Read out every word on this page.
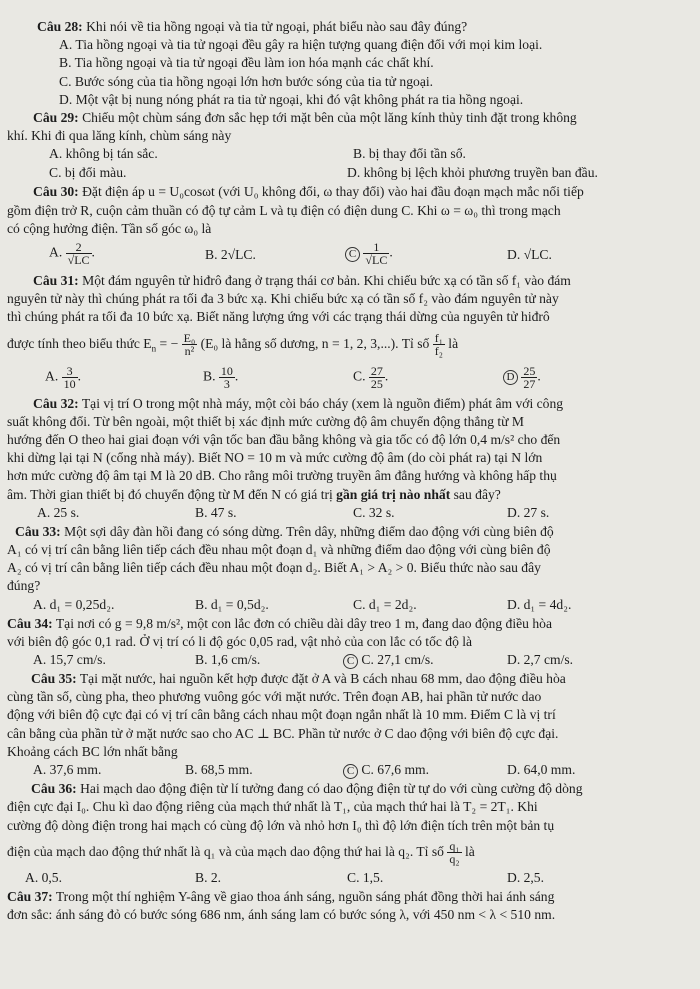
Câu 28: Khi nói về tia hồng ngoại và tia tử ngoại, phát biểu nào sau đây đúng?
A. Tia hồng ngoại và tia tử ngoại đều gây ra hiện tượng quang điện đối với mọi kim loại.
B. Tia hồng ngoại và tia tử ngoại đều làm ion hóa mạnh các chất khí.
C. Bước sóng của tia hồng ngoại lớn hơn bước sóng của tia tử ngoại.
D. Một vật bị nung nóng phát ra tia tử ngoại, khi đó vật không phát ra tia hồng ngoại.
Câu 29: Chiếu một chùm sáng đơn sắc hẹp tới mặt bên của một lăng kính thủy tinh đặt trong không
khí. Khi đi qua lăng kính, chùm sáng này
A. không bị tán sắc.	B. bị thay đổi tần số.
C. bị đổi màu.	D. không bị lệch khỏi phương truyền ban đầu.
Câu 30: Đặt điện áp u = U₀cosωt (với U₀ không đổi, ω thay đổi) vào hai đầu đoạn mạch mắc nối tiếp
gồm điện trở R, cuộn cảm thuần có độ tự cảm L và tụ điện có điện dung C. Khi ω = ω₀ thì trong mạch
có cộng hưởng điện. Tần số góc ω₀ là
A. $\frac{2}{√LC}$ .	B. 2√LC.	C $\frac{1}{√LC}$ .	D. √LC.
Câu 31: Một đám nguyên tử hiđrô đang ở trạng thái cơ bản. Khi chiếu bức xạ có tần số f₁ vào đám
nguyên tử này thì chúng phát ra tối đa 3 bức xạ. Khi chiếu bức xạ có tần số f₂ vào đám nguyên tử này
thì chúng phát ra tối đa 10 bức xạ. Biết năng lượng ứng với các trạng thái dừng của nguyên tử hiđrô
được tính theo biểu thức $E_n$ = − $\frac{\text{E₀}}{\text{n²}} (E_0$ là hằng số dương, n = 1, 2, 3,...). Tỉ số $\frac{\text{f₁}}{\text{f₂}}$ là
A. $\frac{3}{10}$ .	B. $\frac{10}{3}$ .	C. $\frac{27}{25}$ .	D $\frac{25}{27}$ .
Câu 32: Tại vị trí O trong một nhà máy, một còi báo cháy (xem là nguồn điểm) phát âm với công
suất không đổi. Từ bên ngoài, một thiết bị xác định mức cường độ âm chuyển động thẳng từ M
hướng đến O theo hai giai đoạn với vận tốc ban đầu bằng không và gia tốc có độ lớn 0,4 m/s² cho đến
khi dừng lại tại N (cổng nhà máy). Biết NO = 10 m và mức cường độ âm (do còi phát ra) tại N lớn
hơn mức cường độ âm tại M là 20 dB. Cho rằng môi trường truyền âm đẳng hướng và không hấp thụ
âm. Thời gian thiết bị đó chuyển động từ M đến N có giá trị gần giá trị nào nhất sau đây?
A. 25 s.	B. 47 s.	C. 32 s.	D. 27 s.
Câu 33: Một sợi dây đàn hồi đang có sóng dừng. Trên dây, những điểm dao động với cùng biên độ
A₁ có vị trí cân bằng liên tiếp cách đều nhau một đoạn d₁ và những điểm dao động với cùng biên độ
A₂ có vị trí cân bằng liên tiếp cách đều nhau một đoạn d₂. Biết A₁ > A₂ > 0. Biểu thức nào sau đây
đúng?
A. d₁ = 0,25d₂.	B. d₁ = 0,5d₂.	C. d₁ = 2d₂.	D. d₁ = 4d₂.
Câu 34: Tại nơi có g = 9,8 m/s², một con lắc đơn có chiều dài dây treo 1 m, đang dao động điều hòa
với biên độ góc 0,1 rad. Ở vị trí có li độ góc 0,05 rad, vật nhỏ của con lắc có tốc độ là
A. 15,7 cm/s.	B. 1,6 cm/s.	C C. 27,1 cm/s.	D. 2,7 cm/s.
Câu 35: Tại mặt nước, hai nguồn kết hợp được đặt ở A và B cách nhau 68 mm, dao động điều hòa
cùng tần số, cùng pha, theo phương vuông góc với mặt nước. Trên đoạn AB, hai phần tử nước dao
động với biên độ cực đại có vị trí cân bằng cách nhau một đoạn ngắn nhất là 10 mm. Điểm C là vị trí
cân bằng của phần tử ở mặt nước sao cho AC ⊥ BC. Phần tử nước ở C dao động với biên độ cực đại.
Khoảng cách BC lớn nhất bằng
A. 37,6 mm.	B. 68,5 mm.	C C. 67,6 mm.	D. 64,0 mm.
Câu 36: Hai mạch dao động điện từ lí tưởng đang có dao động điện từ tự do với cùng cường độ dòng
điện cực đại I₀. Chu kì dao động riêng của mạch thứ nhất là T₁, của mạch thứ hai là T₂ = 2T₁. Khi
cường độ dòng điện trong hai mạch có cùng độ lớn và nhỏ hơn I₀ thì độ lớn điện tích trên một bản tụ
điện của mạch dao động thứ nhất là q₁ và của mạch dao động thứ hai là q₂. Tỉ số $\frac{\text{q₁}}{\text{q₂}}$ là
A. 0,5.	B. 2.	C. 1,5.	D. 2,5.
Câu 37: Trong một thí nghiệm Y-âng về giao thoa ánh sáng, nguồn sáng phát đồng thời hai ánh sáng
đơn sắc: ánh sáng đỏ có bước sóng 686 nm, ánh sáng lam có bước sóng λ, với 450 nm < λ < 510 nm.
